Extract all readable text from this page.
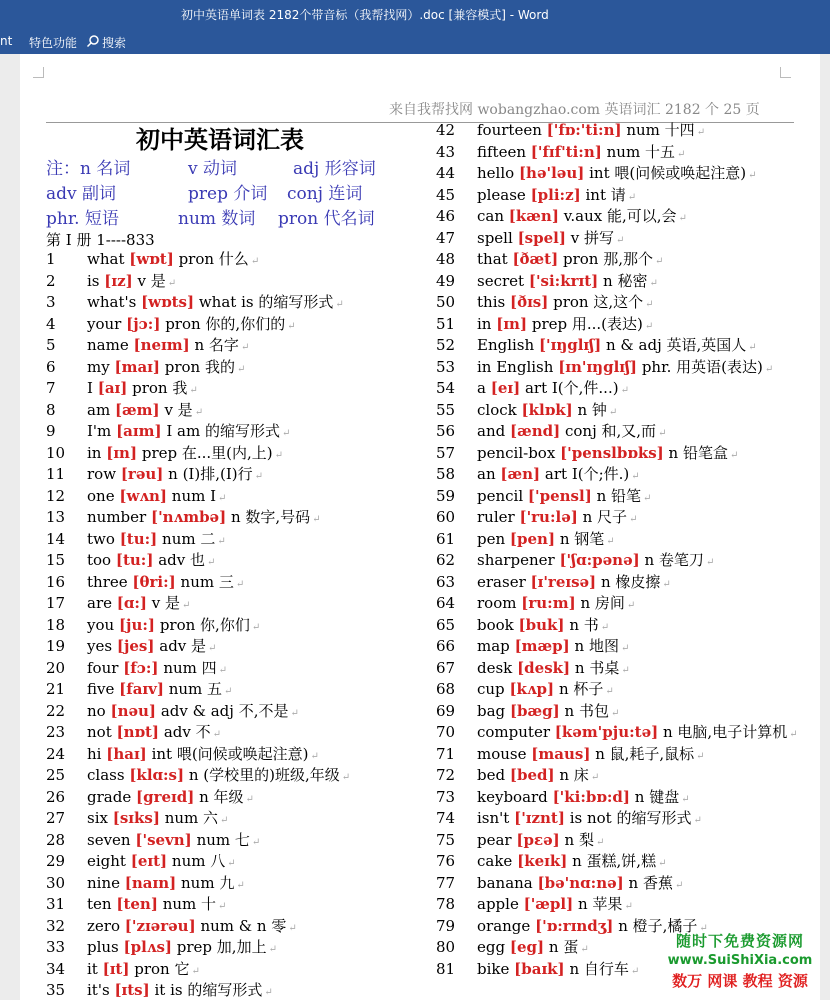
初中英语单词表 2182个带音标（我帮找网）.doc [兼容模式] - Word
nt 特色功能 搜索
来自我帮找网 wobangzhao.com 英语词汇 2182 个 25 页
初中英语词汇表
注：n 名词	v 动词	adj 形容词
adv 副词	prep 介词 conj 连词
phr. 短语	num 数词 pron 代名词
第 I 册 1----833
1 what [wɒt] pron 什么 ↵
2 is [ɪz] v 是 ↵
3 what's [wɒts] what is 的缩写形式 ↵
4 your [jɔ:] pron 你的,你们的 ↵
5 name [neɪm] n 名字 ↵
6 my [maɪ] pron 我的 ↵
7 I [aɪ] pron 我 ↵
8 am [æm] v 是 ↵
9 I'm [aɪm] I am 的缩写形式 ↵
10 in [ɪn] prep 在...里(内,上) ↵
11 row [rəu] n (I)排,(I)行 ↵
12 one [wʌn] num I ↵
13 number ['nʌmbə] n 数字,号码 ↵
14 two [tu:] num 二 ↵
15 too [tu:] adv 也 ↵
16 three [θri:] num 三 ↵
17 are [ɑ:] v 是 ↵
18 you [ju:] pron 你,你们 ↵
19 yes [jes] adv 是 ↵
20 four [fɔ:] num 四 ↵
21 five [faɪv] num 五 ↵
22 no [nəu] adv & adj 不,不是 ↵
23 not [nɒt] adv 不 ↵
24 hi [haɪ] int 喂(问候或唤起注意) ↵
25 class [klɑ:s] n (学校里的)班级,年级 ↵
26 grade [greɪd] n 年级 ↵
27 six [sɪks] num 六 ↵
28 seven ['sevn] num 七 ↵
29 eight [eɪt] num 八 ↵
30 nine [naɪn] num 九 ↵
31 ten [ten] num 十 ↵
32 zero ['zɪərəu] num & n 零 ↵
33 plus [plʌs] prep 加,加上 ↵
34 it [ɪt] pron 它 ↵
35 it's [ɪts] it is 的缩写形式 ↵
42 fourteen ['fɒ:'ti:n] num 十四 ↵
43 fifteen ['fɪf'ti:n] num 十五 ↵
44 hello [hə'ləu] int 喂(问候或唤起注意) ↵
45 please [pli:z] int 请 ↵
46 can [kæn] v.aux 能,可以,会 ↵
47 spell [spel] v 拼写 ↵
48 that [ðæt] pron 那,那个 ↵
49 secret ['si:krɪt] n 秘密 ↵
50 this [ðɪs] pron 这,这个 ↵
51 in [ɪn] prep 用...(表达) ↵
52 English ['ɪŋglɪʃ] n & adj 英语,英国人 ↵
53 in English [ɪn'ɪŋglɪʃ] phr. 用英语(表达) ↵
54 a [eɪ] art I(个,件...) ↵
55 clock [klɒk] n 钟 ↵
56 and [ænd] conj 和,又,而 ↵
57 pencil-box ['penslbɒks] n 铅笔盒 ↵
58 an [æn] art I(个;件.) ↵
59 pencil ['pensl] n 铅笔 ↵
60 ruler ['ru:lə] n 尺子 ↵
61 pen [pen] n 钢笔 ↵
62 sharpener ['ʃɑ:pənə] n 卷笔刀 ↵
63 eraser [ɪ'reɪsə] n 橡皮擦 ↵
64 room [ru:m] n 房间 ↵
65 book [buk] n 书 ↵
66 map [mæp] n 地图 ↵
67 desk [desk] n 书桌 ↵
68 cup [kʌp] n 杯子 ↵
69 bag [bæg] n 书包 ↵
70 computer [kəm'pju:tə] n 电脑,电子计算机 ↵
71 mouse [maus] n 鼠,耗子,鼠标 ↵
72 bed [bed] n 床 ↵
73 keyboard ['ki:bɒ:d] n 键盘 ↵
74 isn't ['ɪznt] is not 的缩写形式 ↵
75 pear [pɛə] n 梨 ↵
76 cake [keɪk] n 蛋糕,饼,糕 ↵
77 banana [bə'nɑ:nə] n 香蕉 ↵
78 apple ['æpl] n 苹果 ↵
79 orange ['ɒ:rɪndʒ] n 橙子,橘子 ↵
80 egg [eg] n 蛋 ↵
81 bike [baɪk] n 自行车 ↵
随时下免费资源网
www.SuiShiXia.com
数万 网课 教程 资源
